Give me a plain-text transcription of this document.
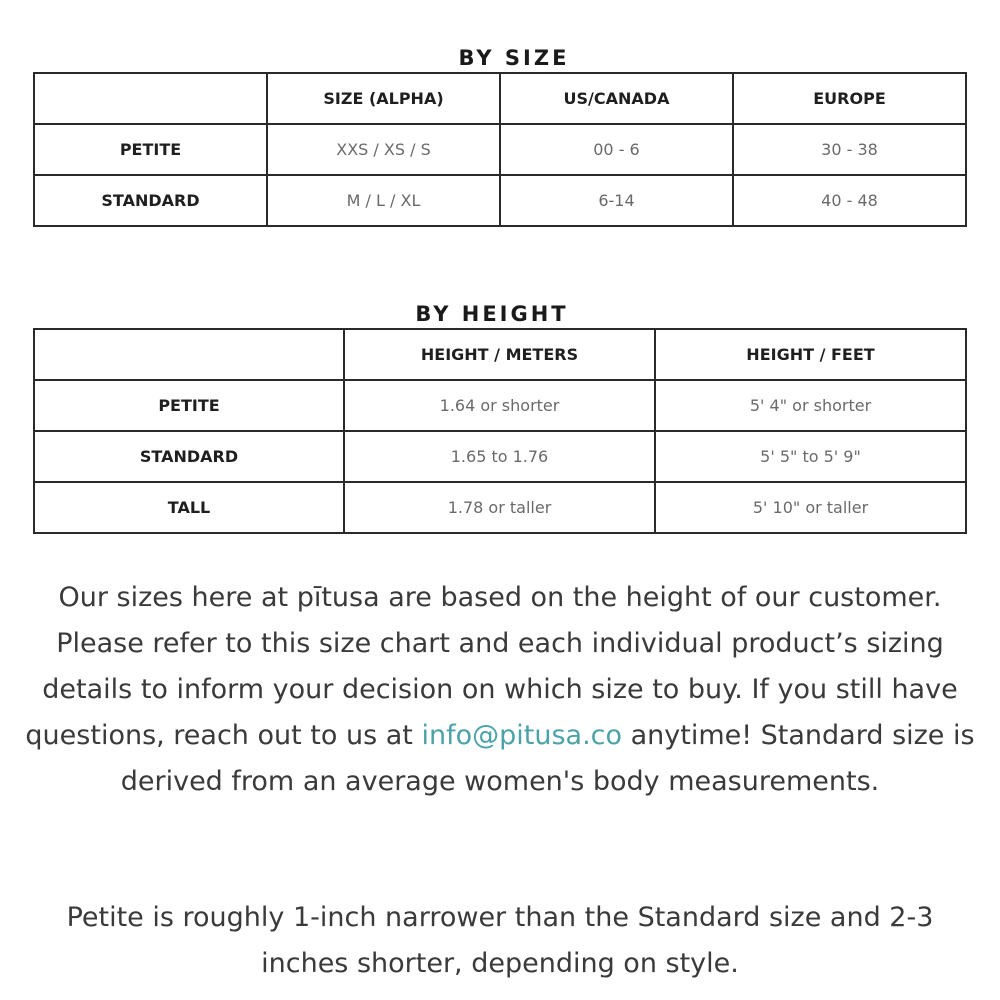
BY SIZE
	SIZE (ALPHA)	US/CANADA	EUROPE
PETITE	XXS / XS / S	00 - 6	30 - 38
STANDARD	M / L / XL	6-14	40 - 48
BY HEIGHT
	HEIGHT / METERS	HEIGHT / FEET
PETITE	1.64 or shorter	5' 4" or shorter
STANDARD	1.65 to 1.76	5' 5" to 5' 9"
TALL	1.78 or taller	5' 10" or taller

Our sizes here at pītusa are based on the height of our customer. Please refer to this size chart and each individual product’s sizing details to inform your decision on which size to buy. If you still have questions, reach out to us at info@pitusa.co anytime! Standard size is derived from an average women's body measurements.

Petite is roughly 1-inch narrower than the Standard size and 2-3 inches shorter, depending on style.
